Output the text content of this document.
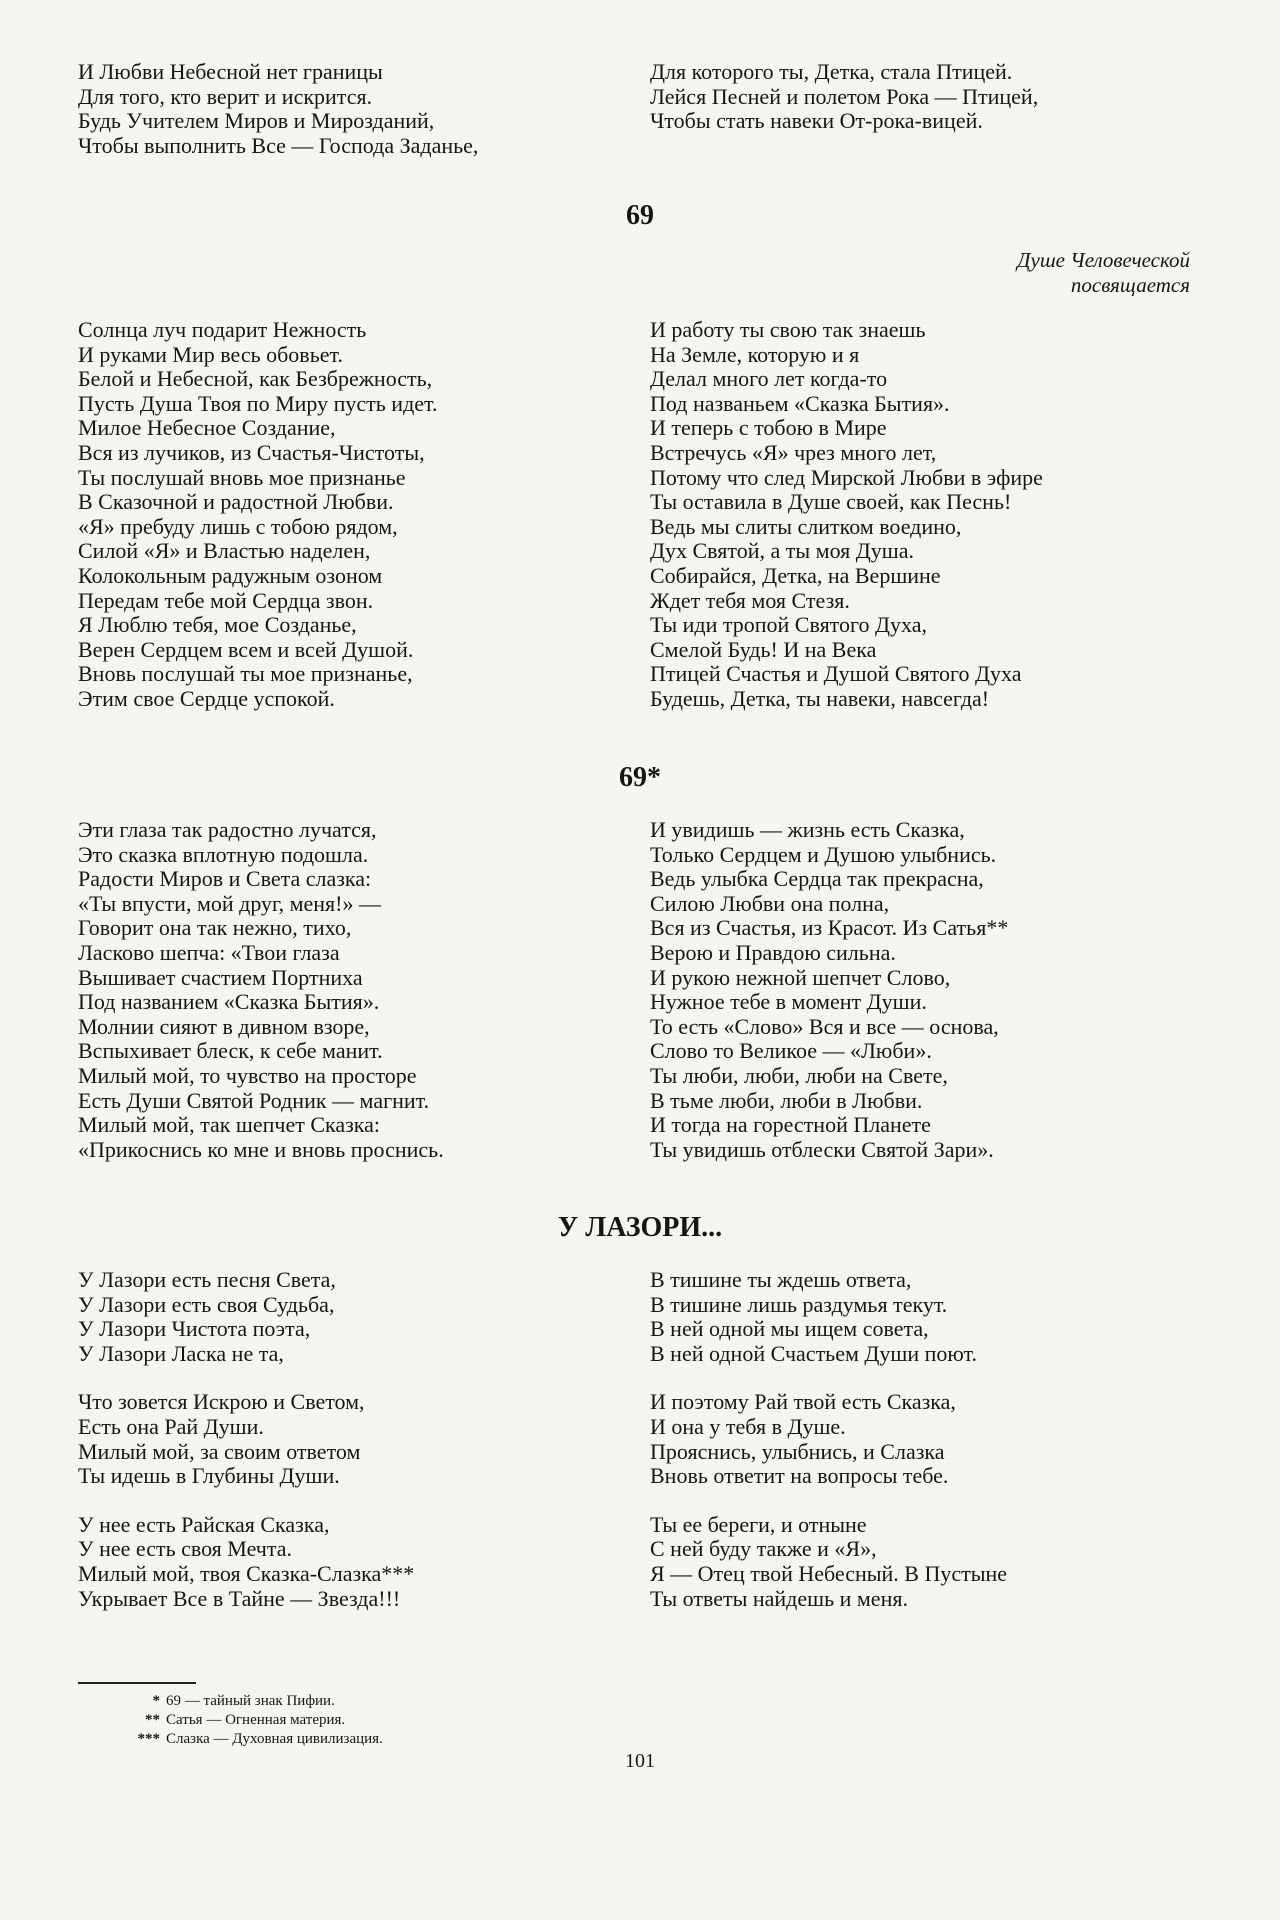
И Любви Небесной нет границы
Для того, кто верит и искрится.
Будь Учителем Миров и Мирозданий,
Чтобы выполнить Все — Господа Заданье,
Для которого ты, Детка, стала Птицей.
Лейся Песней и полетом Рока — Птицей,
Чтобы стать навеки От-рока-вицей.
69
Душе Человеческой
посвящается
Солнца луч подарит Нежность
И руками Мир весь обовьет.
Белой и Небесной, как Безбрежность,
Пусть Душа Твоя по Миру пусть идет.
Милое Небесное Создание,
Вся из лучиков, из Счастья-Чистоты,
Ты послушай вновь мое признанье
В Сказочной и радостной Любви.
«Я» пребуду лишь с тобою рядом,
Силой «Я» и Властью наделен,
Колокольным радужным озоном
Передам тебе мой Сердца звон.
Я Люблю тебя, мое Созданье,
Верен Сердцем всем и всей Душой.
Вновь послушай ты мое признанье,
Этим свое Сердце успокой.
И работу ты свою так знаешь
На Земле, которую и я
Делал много лет когда-то
Под названьем «Сказка Бытия».
И теперь с тобою в Мире
Встречусь «Я» чрез много лет,
Потому что след Мирской Любви в эфире
Ты оставила в Душе своей, как Песнь!
Ведь мы слиты слитком воедино,
Дух Святой, а ты моя Душа.
Собирайся, Детка, на Вершине
Ждет тебя моя Стезя.
Ты иди тропой Святого Духа,
Смелой Будь! И на Века
Птицей Счастья и Душой Святого Духа
Будешь, Детка, ты навеки, навсегда!
69*
Эти глаза так радостно лучатся,
Это сказка вплотную подошла.
Радости Миров и Света слазка:
«Ты впусти, мой друг, меня!» —
Говорит она так нежно, тихо,
Ласково шепча: «Твои глаза
Вышивает счастием Портниха
Под названием «Сказка Бытия».
Молнии сияют в дивном взоре,
Вспыхивает блеск, к себе манит.
Милый мой, то чувство на просторе
Есть Души Святой Родник — магнит.
Милый мой, так шепчет Сказка:
«Прикоснись ко мне и вновь проснись.
И увидишь — жизнь есть Сказка,
Только Сердцем и Душою улыбнись.
Ведь улыбка Сердца так прекрасна,
Силою Любви она полна,
Вся из Счастья, из Красот. Из Сатья**
Верою и Правдою сильна.
И рукою нежной шепчет Слово,
Нужное тебе в момент Души.
То есть «Слово» Вся и все — основа,
Слово то Великое — «Люби».
Ты люби, люби, люби на Свете,
В тьме люби, люби в Любви.
И тогда на горестной Планете
Ты увидишь отблески Святой Зари».
У ЛАЗОРИ...
У Лазори есть песня Света,
У Лазори есть своя Судьба,
У Лазори Чистота поэта,
У Лазори Ласка не та,
Что зовется Искрою и Светом,
Есть она Рай Души.
Милый мой, за своим ответом
Ты идешь в Глубины Души.
У нее есть Райская Сказка,
У нее есть своя Мечта.
Милый мой, твоя Сказка-Слазка***
Укрывает Все в Тайне — Звезда!!!
В тишине ты ждешь ответа,
В тишине лишь раздумья текут.
В ней одной мы ищем совета,
В ней одной Счастьем Души поют.
И поэтому Рай твой есть Сказка,
И она у тебя в Душе.
Прояснись, улыбнись, и Слазка
Вновь ответит на вопросы тебе.
Ты ее береги, и отныне
С ней буду также и «Я»,
Я — Отец твой Небесный. В Пустыне
Ты ответы найдешь и меня.
* 69 — тайный знак Пифии.
** Сатья — Огненная материя.
*** Слазка — Духовная цивилизация.
101
